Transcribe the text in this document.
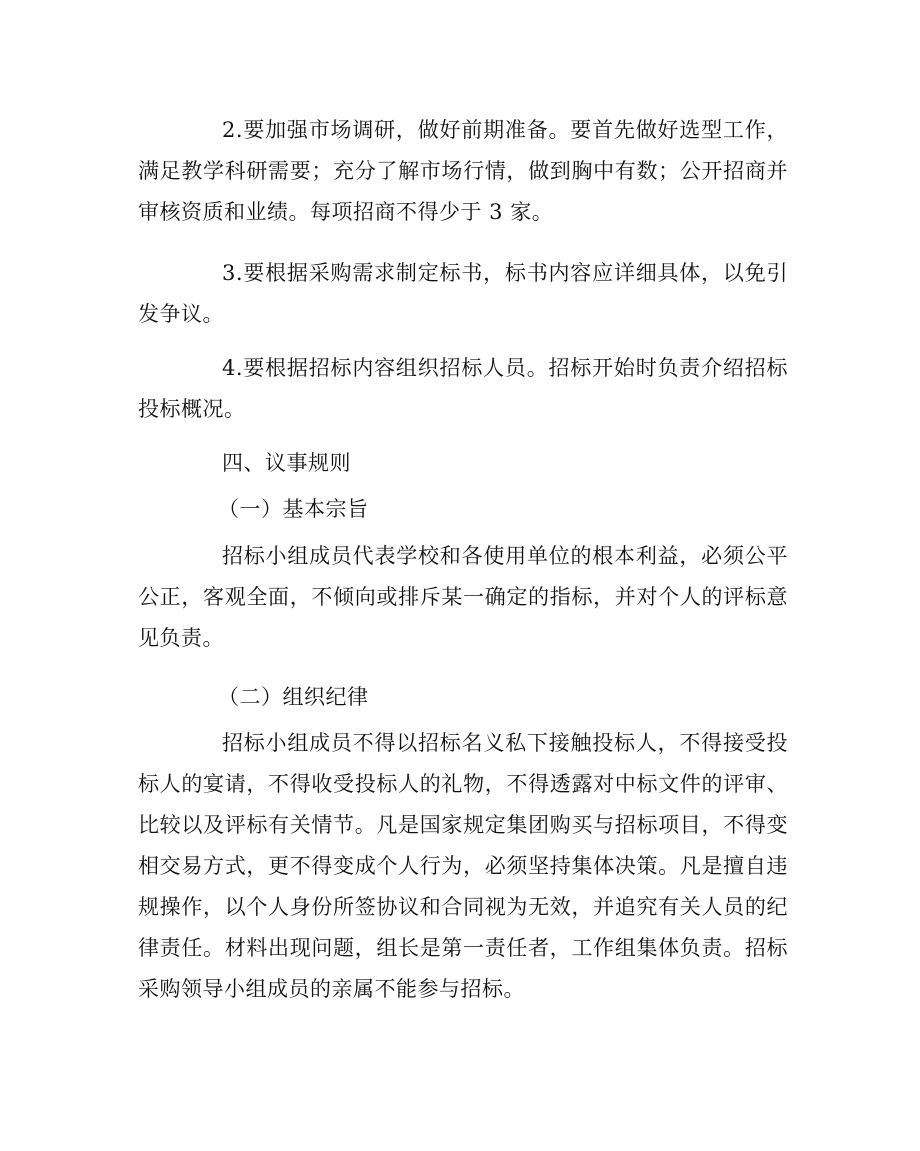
2.要加强市场调研，做好前期准备。要首先做好选型工作，满足教学科研需要；充分了解市场行情，做到胸中有数；公开招商并审核资质和业绩。每项招商不得少于 3 家。

3.要根据采购需求制定标书，标书内容应详细具体，以免引发争议。

4.要根据招标内容组织招标人员。招标开始时负责介绍招标投标概况。

四、议事规则
（一）基本宗旨

招标小组成员代表学校和各使用单位的根本利益，必须公平公正，客观全面，不倾向或排斥某一确定的指标，并对个人的评标意见负责。

（二）组织纪律

招标小组成员不得以招标名义私下接触投标人，不得接受投标人的宴请，不得收受投标人的礼物，不得透露对中标文件的评审、比较以及评标有关情节。凡是国家规定集团购买与招标项目，不得变相交易方式，更不得变成个人行为，必须坚持集体决策。凡是擅自违规操作，以个人身份所签协议和合同视为无效，并追究有关人员的纪律责任。材料出现问题，组长是第一责任者，工作组集体负责。招标采购领导小组成员的亲属不能参与招标。
